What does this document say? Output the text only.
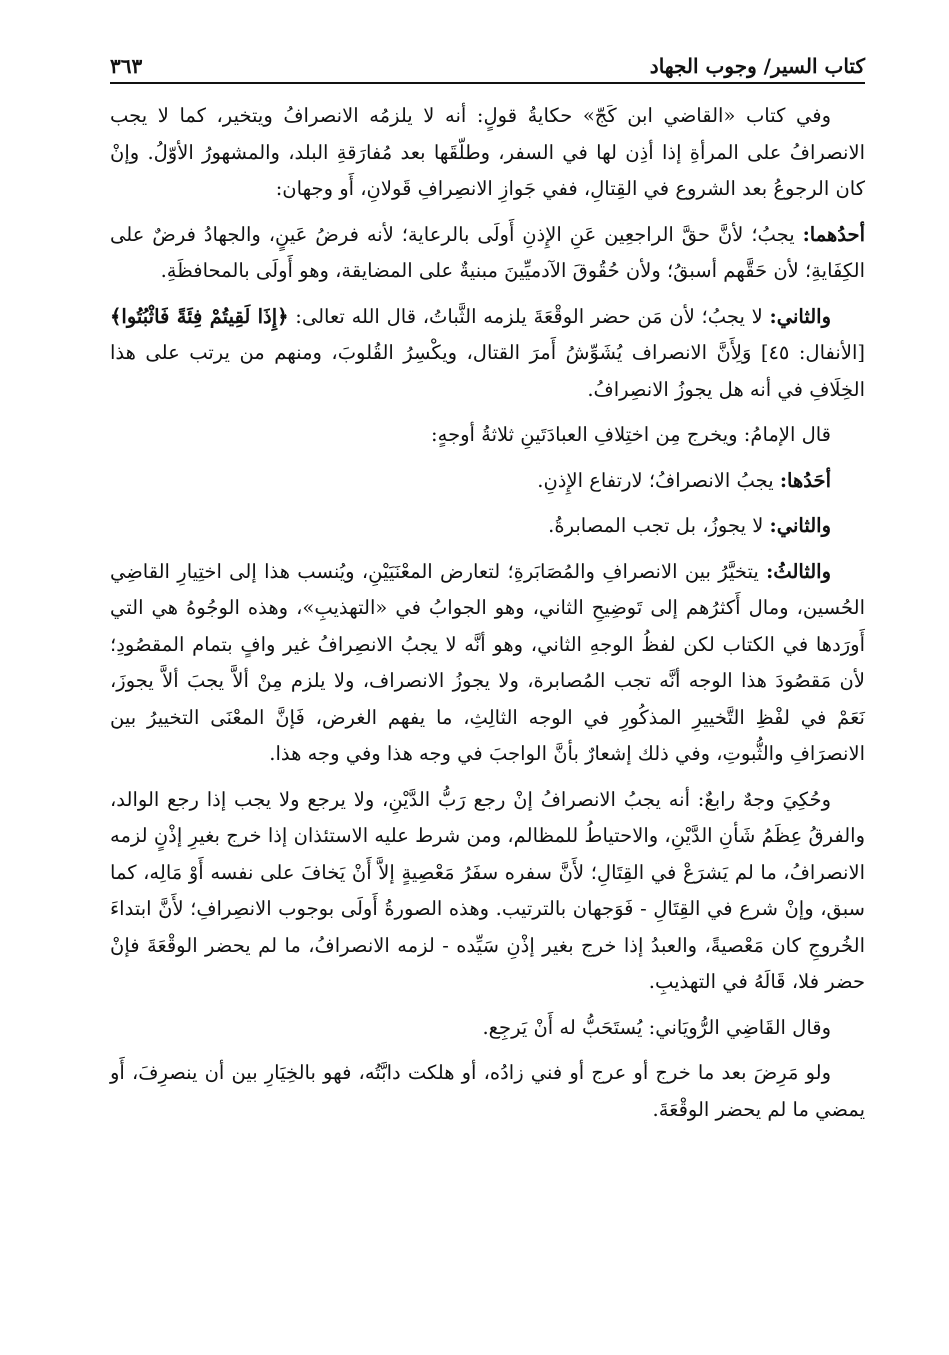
كتاب السير/ وجوب الجهاد
٣٦٣

وفي كتاب «القاضي ابن كَجّ» حكايةُ قولٍ: أنه لا يلزمُه الانصرافُ ويتخير، كما لا يجب الانصرافُ على المرأةِ إذا أذِن لها في السفر، وطلّقَها بعد مُفارَقةِ البلد، والمشهورُ الأوّلُ. وإنْ كان الرجوعُ بعد الشروع في القِتالِ، ففي جَوازِ الانصِرافِ قَولانِ، أَو وجهان:

أحدُهما: يجبُ؛ لأنَّ حقَّ الراجعِين عَنِ الإِذنِ أَولَى بالرعاية؛ لأنه فرضُ عَينٍ، والجهادُ فرضٌ على الكِفَايةِ؛ لأن حَقَّهم أسبقُ؛ ولأن حُقُوقَ الآدميِّينَ مبنيةٌ على المضايقة، وهو أَولَى بالمحافظَةِ.

والثاني: لا يجبُ؛ لأن مَن حضر الوقْعَةَ يلزمه الثَّباتُ، قال الله تعالى: ﴿إِذَا لَقِيتُمْ فِئَةً فَاثْبُتُوا﴾ [الأنفال: ٤٥] وَلِأَنَّ الانصراف يُشَوِّشُ أَمرَ القتال، ويكْسِرُ القُلوبَ، ومنهم من يرتب على هذا الخِلَافِ في أنه هل يجوزُ الانصِرافُ.

قال الإمامُ: ويخرج مِن اختِلافِ العبادَتَينِ ثلاثةُ أوجهٍ:

أحَدُها: يجبُ الانصرافُ؛ لارتفاع الإِذنِ.

والثاني: لا يجوزُ، بل تجب المصابرةُ.

والثالثُ: يتخيَّرُ بين الانصرافِ والمُصَابَرةِ؛ لتعارض المعْنَيَيْنِ، ويُنسب هذا إلى اختِيارِ القاضِي الحُسين، ومال أَكثرُهم إلى تَوضِيحِ الثاني، وهو الجوابُ في «التهذيبِ»، وهذه الوجُوهُ هي التي أَورَدها في الكتاب لكن لفظُ الوجهِ الثاني، وهو أنَّه لا يجبُ الانصِرافُ غير وافٍ بتمام المقصُودِ؛ لأن مَقصُودَ هذا الوجه أنَّه تجب المُصابرة، ولا يجوزُ الانصراف، ولا يلزم مِنْ ألاَّ يجبَ ألاَّ يجوزَ، نَعَمْ في لفْظِ التَّخييرِ المذكُورِ في الوجه الثالِثِ، ما يفهم الغرض، فَإنَّ المعْنَى التخييرُ بين الانصرَافِ والثُّبوتِ، وفي ذلك إشعارٌ بأنَّ الواجبَ في وجه هذا وفي وجه هذا.

وحُكِيَ وجهٌ رابعٌ: أنه يجبُ الانصرافُ إنْ رجع رَبُّ الدَّيْنِ، ولا يرجع ولا يجب إذا رجع الوالد، والفرقُ عِظَمُ شَأنِ الدَّيْنِ، والاحتياطُ للمظالم، ومن شرط عليه الاستئذان إذا خرج بغيرِ إذْنٍ لزمه الانصرافُ، ما لم يَشرَعْ في القِتَالِ؛ لأَنَّ سفره سفَرُ مَعْصِيةٍ إلاَّ أَنْ يَخافَ على نفسه أَوْ مَالِه، كما سبق، وإنْ شرع في القِتَالِ - فَوَجهان بالترتيب. وهذه الصورةُ أَولَى بوجوب الانصِرافِ؛ لأَنَّ ابتداءَ الخُروجِ كان مَعْصيةً، والعبدُ إذا خرج بغير إذْنِ سَيِّده - لزمه الانصرافُ، ما لم يحضر الوقْعَةَ فإنْ حضر فلا، قَالَهُ في التهذيبِ.

وقال القَاضِي الرُّويَاني: يُستَحَبُّ له أَنْ يَرجِع.

ولو مَرِضَ بعد ما خرج أو عرج أو فني زادُه، أو هلكت دابَّتُه، فهو بالخِيَارِ بين أن ينصرِفَ، أَو يمضي ما لم يحضر الوقْعَةَ.
